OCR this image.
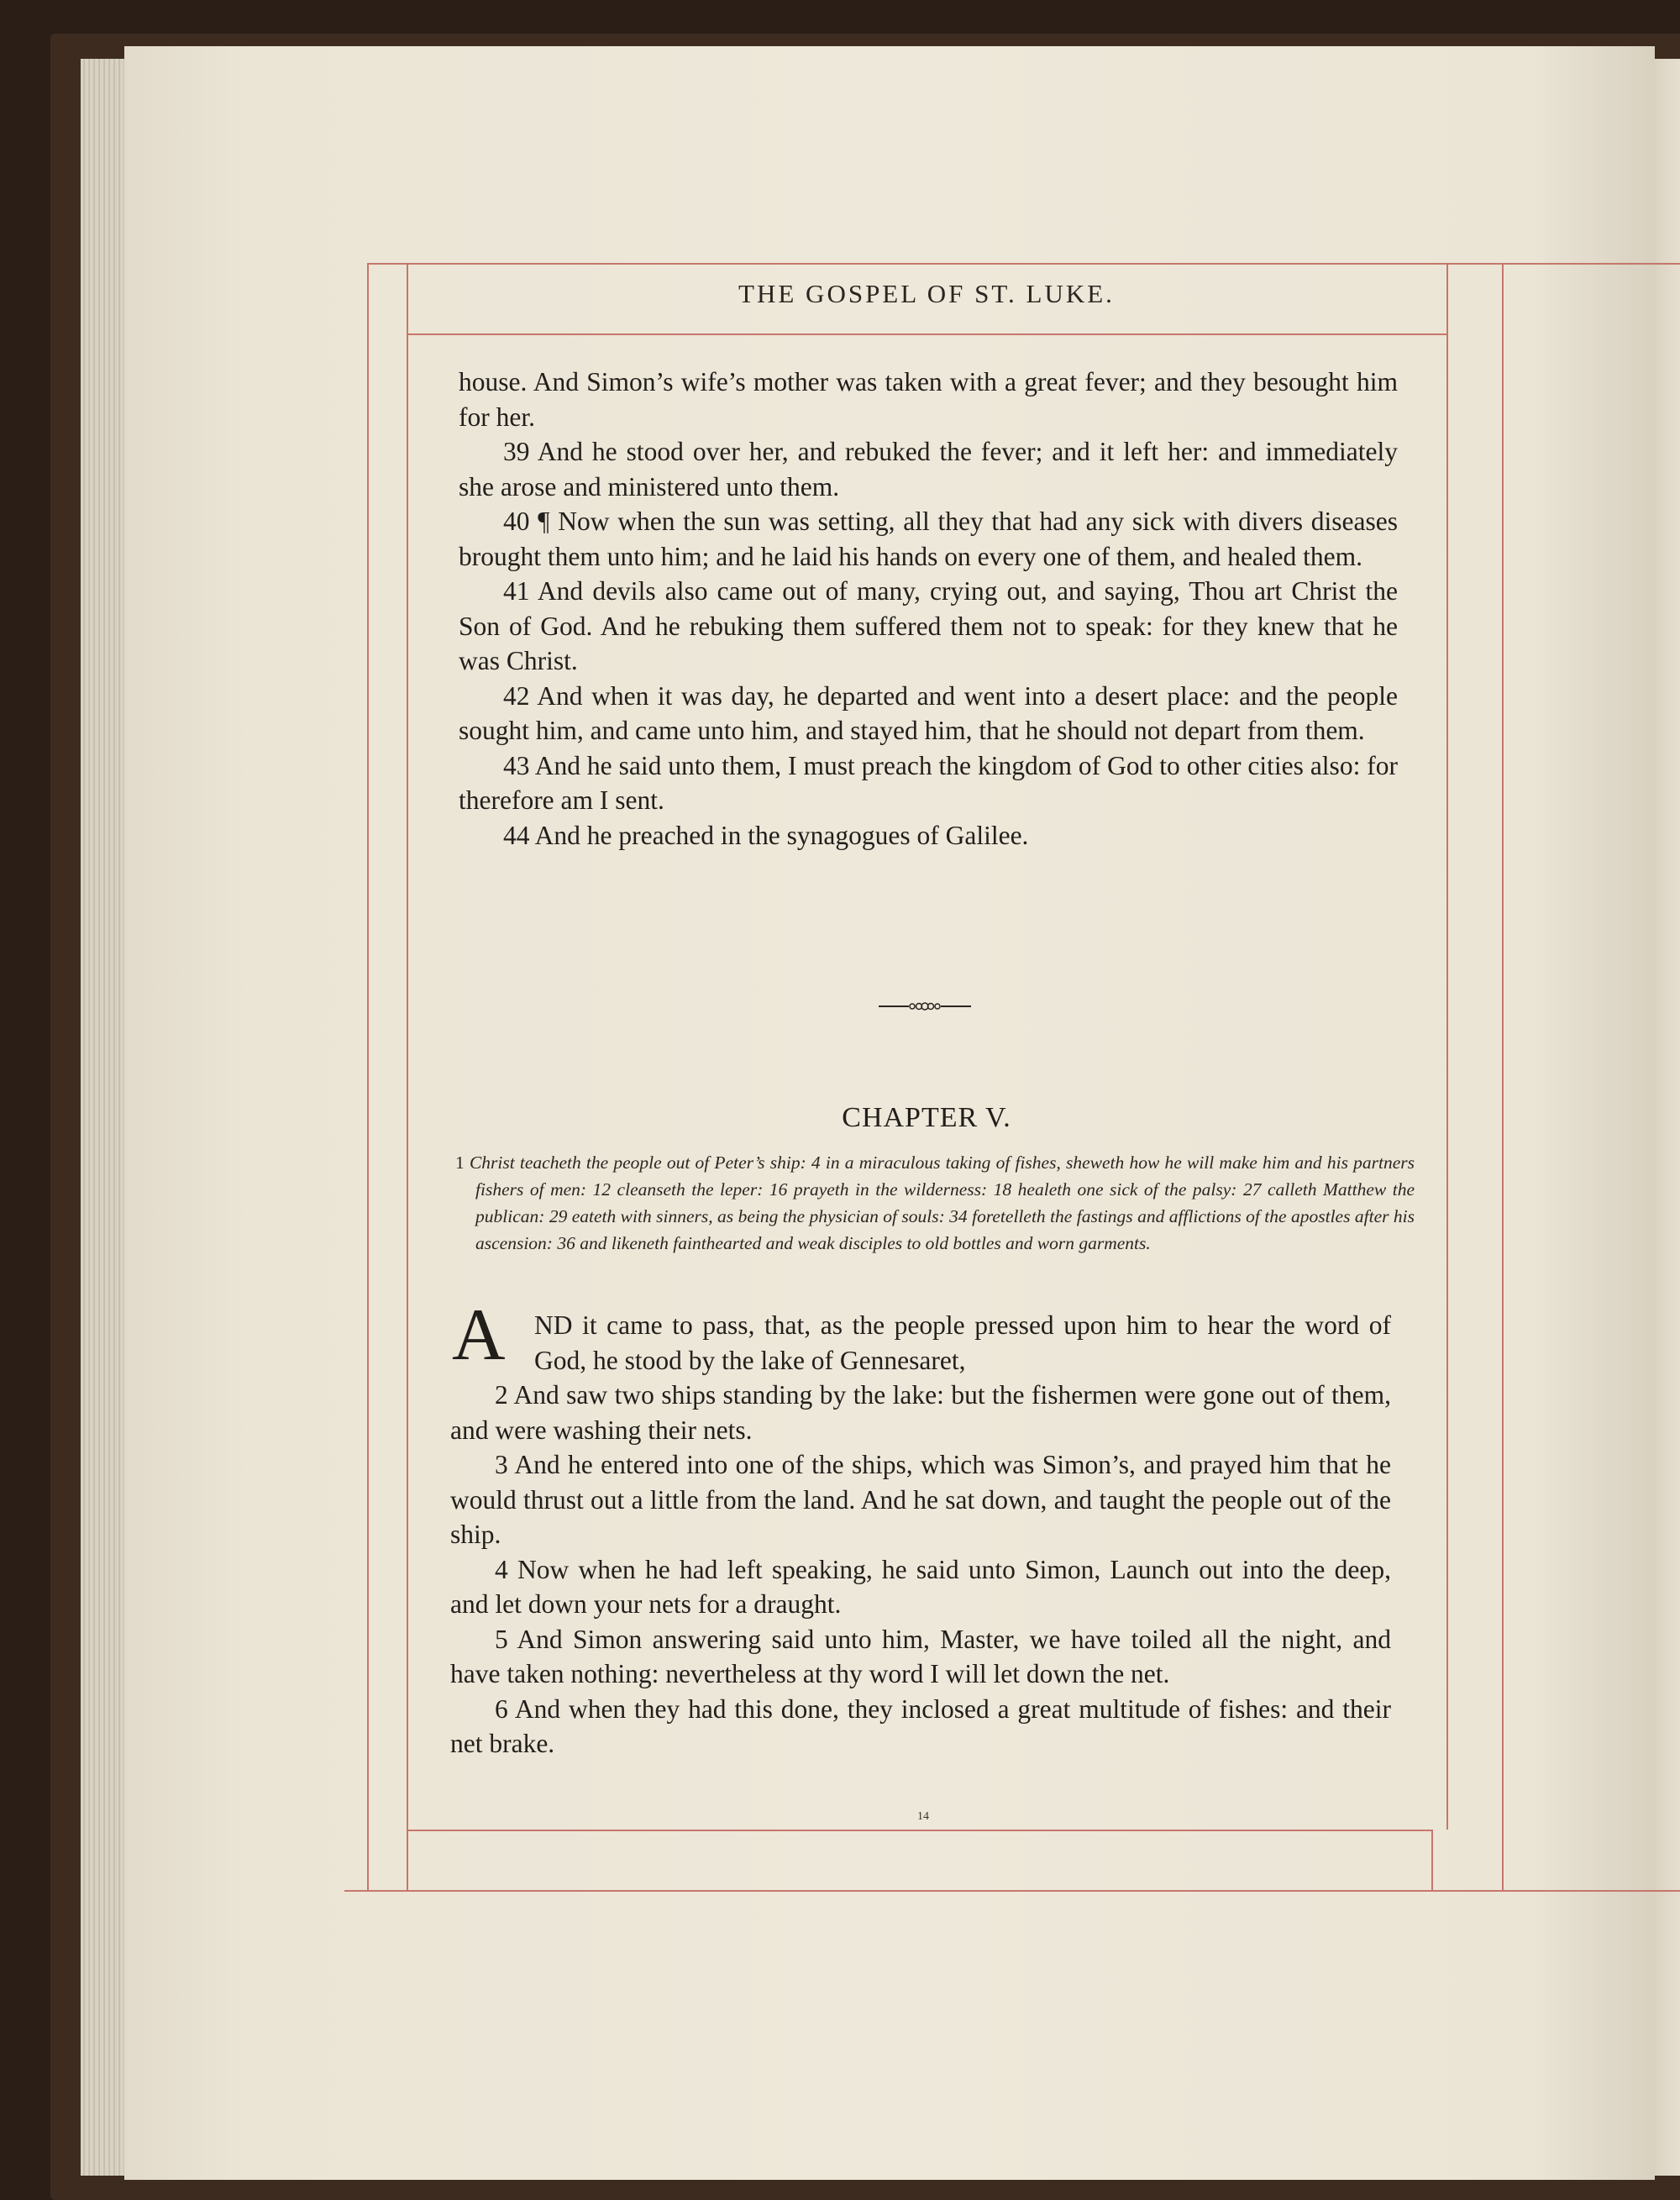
THE GOSPEL OF ST. LUKE.

house. And Simon’s wife’s mother was taken with a great fever; and they besought him for her.

39 And he stood over her, and rebuked the fever; and it left her: and immediately she arose and ministered unto them.

40 ¶ Now when the sun was setting, all they that had any sick with divers diseases brought them unto him; and he laid his hands on every one of them, and healed them.

41 And devils also came out of many, crying out, and saying, Thou art Christ the Son of God. And he rebuking them suffered them not to speak: for they knew that he was Christ.

42 And when it was day, he departed and went into a desert place: and the people sought him, and came unto him, and stayed him, that he should not depart from them.

43 And he said unto them, I must preach the kingdom of God to other cities also: for therefore am I sent.

44 And he preached in the synagogues of Galilee.

CHAPTER V.
1 Christ teacheth the people out of Peter’s ship: 4 in a miraculous taking of fishes, sheweth how he will make him and his partners fishers of men: 12 cleanseth the leper: 16 prayeth in the wilderness: 18 healeth one sick of the palsy: 27 calleth Matthew the publican: 29 eateth with sinners, as being the physician of souls: 34 foretelleth the fastings and afflictions of the apostles after his ascension: 36 and likeneth fainthearted and weak disciples to old bottles and worn garments.
A ND it came to pass, that, as the people pressed upon him to hear the word of God, he stood by the lake of Gennesaret,

2 And saw two ships standing by the lake: but the fishermen were gone out of them, and were washing their nets.

3 And he entered into one of the ships, which was Simon’s, and prayed him that he would thrust out a little from the land. And he sat down, and taught the people out of the ship.

4 Now when he had left speaking, he said unto Simon, Launch out into the deep, and let down your nets for a draught.

5 And Simon answering said unto him, Master, we have toiled all the night, and have taken nothing: nevertheless at thy word I will let down the net.

6 And when they had this done, they inclosed a great multitude of fishes: and their net brake.

14
